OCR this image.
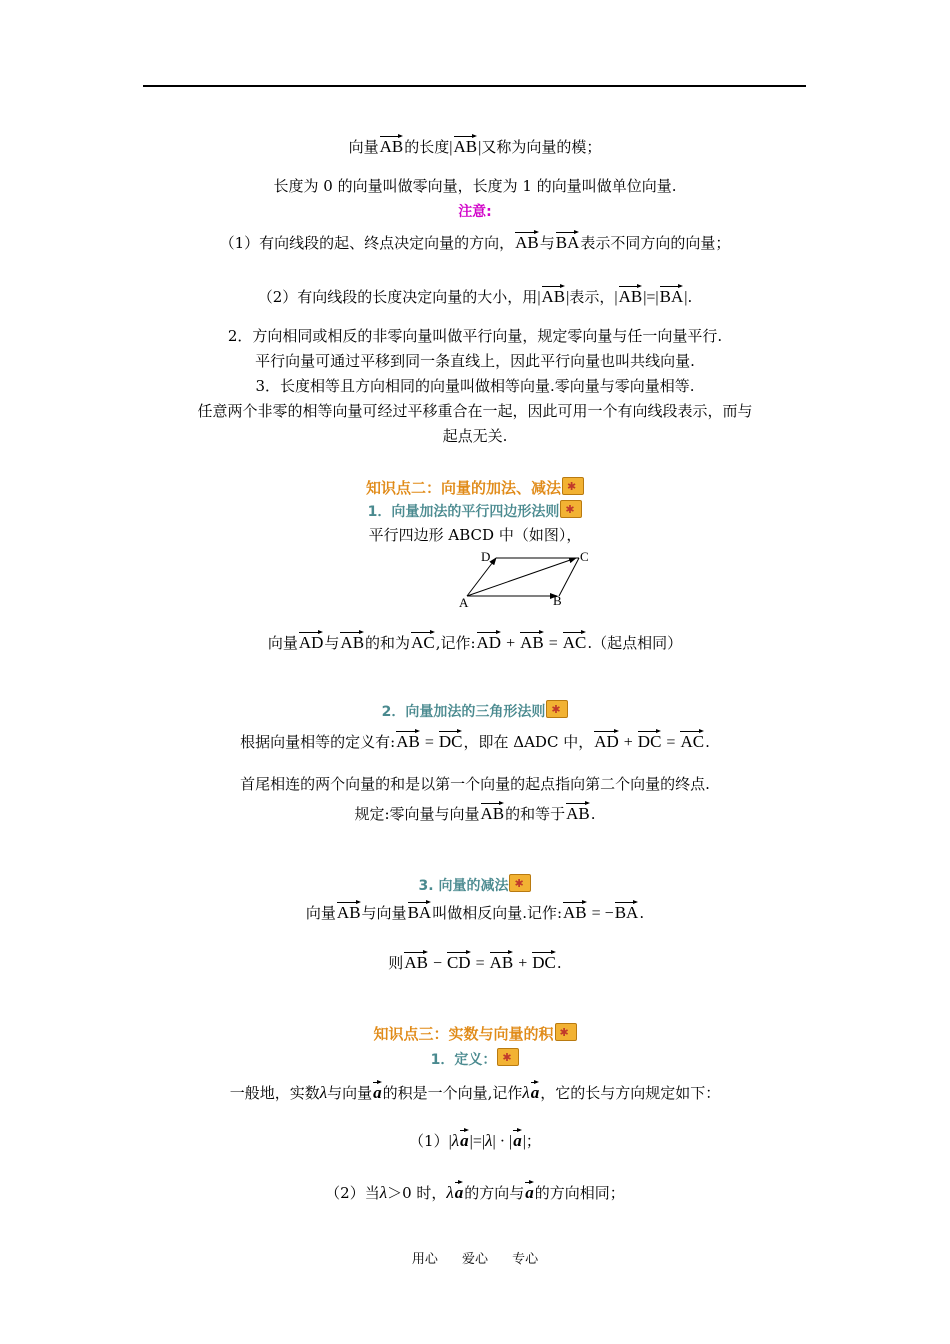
向量AB的长度|AB|又称为向量的模；
长度为 0 的向量叫做零向量，长度为 1 的向量叫做单位向量.
注意:
（1）有向线段的起、终点决定向量的方向，AB与BA表示不同方向的向量；
（2）有向线段的长度决定向量的大小，用|AB|表示，|AB|=|BA|.
2．方向相同或相反的非零向量叫做平行向量，规定零向量与任一向量平行.
平行向量可通过平移到同一条直线上，因此平行向量也叫共线向量.
3．长度相等且方向相同的向量叫做相等向量.零向量与零向量相等.
任意两个非零的相等向量可经过平移重合在一起，因此可用一个有向线段表示，而与
起点无关.
知识点二：向量的加法、减法✱
1．向量加法的平行四边形法则✱
平行四边形 ABCD 中（如图），
A	B
C
D
向量AD与AB的和为AC,记作:AD + AB = AC.（起点相同）
2．向量加法的三角形法则✱
根据向量相等的定义有:AB = DC，即在 ΔADC 中，AD + DC = AC.
首尾相连的两个向量的和是以第一个向量的起点指向第二个向量的终点.
规定:零向量与向量AB的和等于AB.
3. 向量的减法✱
向量AB与向量BA叫做相反向量.记作:AB = −BA.
则AB − CD = AB + DC.
知识点三：实数与向量的积✱
1．定义：✱
一般地，实数λ与向量a的积是一个向量,记作λa，它的长与方向规定如下：
（1）|λa|=|λ| · |a|；
（2）当λ＞0 时，λa的方向与a的方向相同；
用心 爱心 专心
